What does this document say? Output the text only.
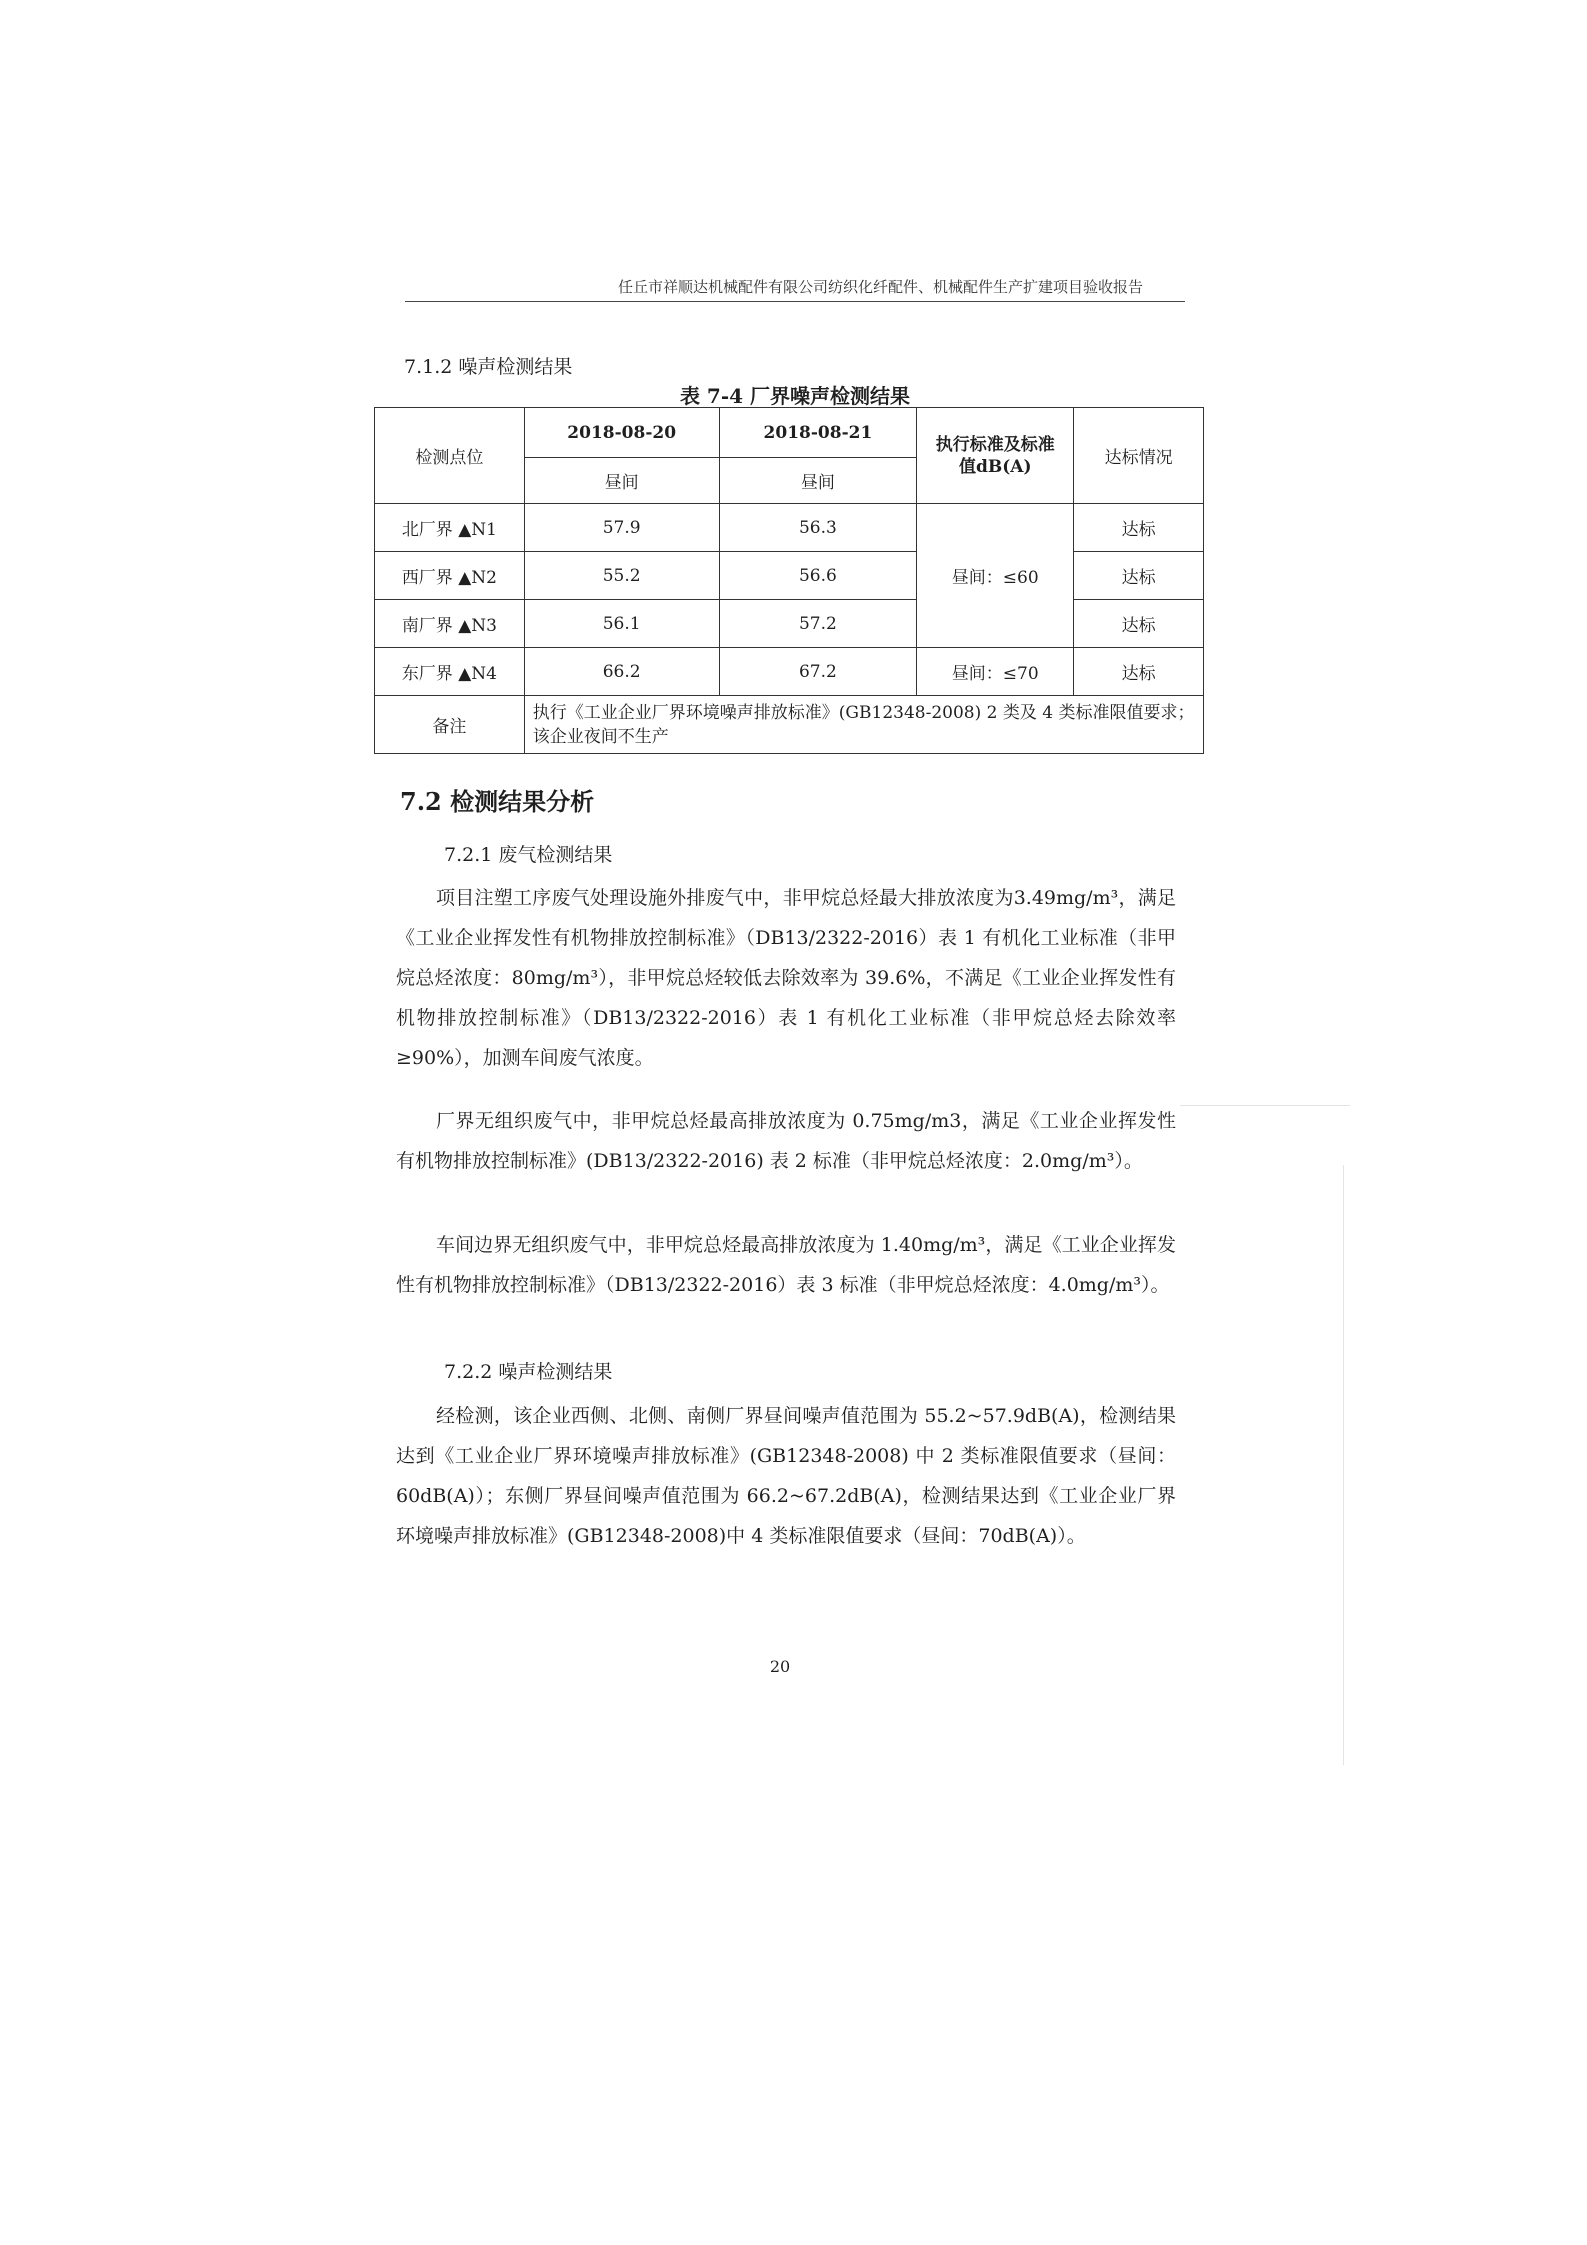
任丘市祥顺达机械配件有限公司纺织化纤配件、机械配件生产扩建项目验收报告
7.1.2 噪声检测结果
表 7-4 厂界噪声检测结果
检测点位	2018-08-20	2018-08-21	执行标准及标准值dB(A)	达标情况
	昼间	昼间		
北厂界 ▲N1	57.9	56.3	昼间：≤60	达标
西厂界 ▲N2	55.2	56.6		达标
南厂界 ▲N3	56.1	57.2		达标
东厂界 ▲N4	66.2	67.2	昼间：≤70	达标
备注	执行《工业企业厂界环境噪声排放标准》(GB12348-2008) 2 类及 4 类标准限值要求；该企业夜间不生产			
7.2 检测结果分析
7.2.1 废气检测结果

项目注塑工序废气处理设施外排废气中，非甲烷总烃最大排放浓度为3.49mg/m³，满足《工业企业挥发性有机物排放控制标准》（DB13/2322-2016）表 1 有机化工业标准（非甲烷总烃浓度：80mg/m³），非甲烷总烃较低去除效率为 39.6%，不满足《工业企业挥发性有机物排放控制标准》（DB13/2322-2016）表 1 有机化工业标准（非甲烷总烃去除效率≥90%），加测车间废气浓度。

厂界无组织废气中，非甲烷总烃最高排放浓度为 0.75mg/m3，满足《工业企业挥发性有机物排放控制标准》(DB13/2322-2016) 表 2 标准（非甲烷总烃浓度：2.0mg/m³）。

车间边界无组织废气中，非甲烷总烃最高排放浓度为 1.40mg/m³，满足《工业企业挥发性有机物排放控制标准》（DB13/2322-2016）表 3 标准（非甲烷总烃浓度：4.0mg/m³）。

7.2.2 噪声检测结果

经检测，该企业西侧、北侧、南侧厂界昼间噪声值范围为 55.2~57.9dB(A)，检测结果达到《工业企业厂界环境噪声排放标准》(GB12348-2008) 中 2 类标准限值要求（昼间：60dB(A)）；东侧厂界昼间噪声值范围为 66.2~67.2dB(A)，检测结果达到《工业企业厂界环境噪声排放标准》(GB12348-2008)中 4 类标准限值要求（昼间：70dB(A)）。

20
